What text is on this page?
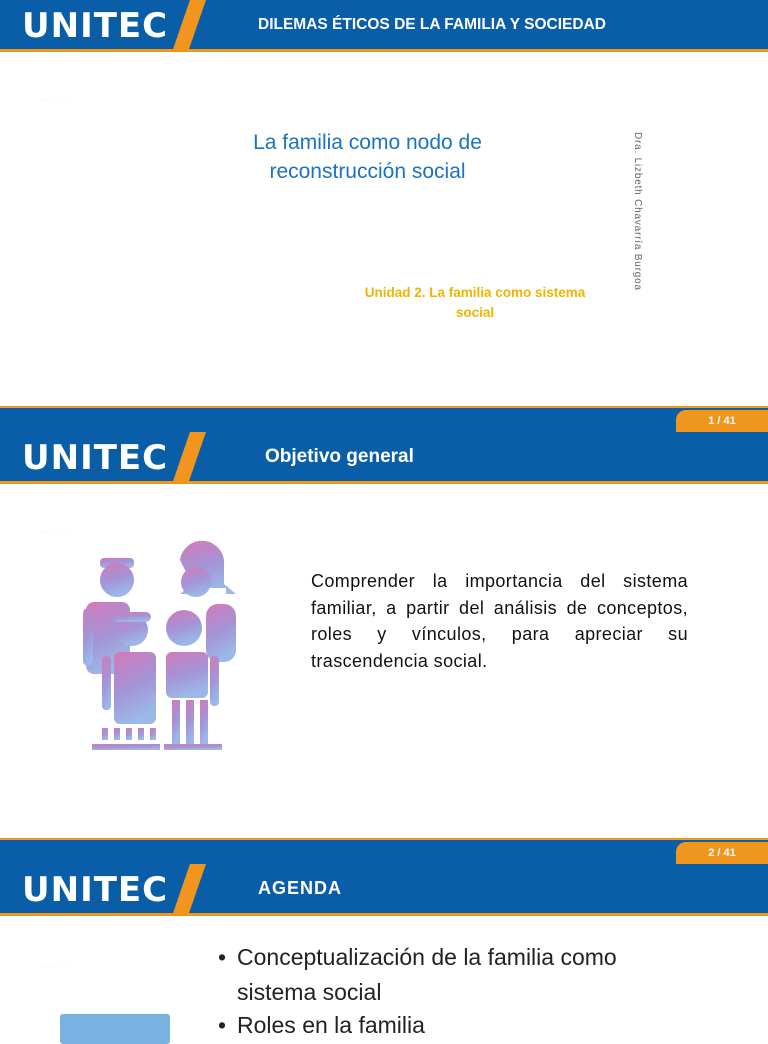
UNITEC	DILEMAS ÉTICOS DE LA FAMILIA Y SOCIEDAD
· · · · · ·
La familia como nodo de
reconstrucción social	Dra. Lizbeth Chavarría Burgoa
Unidad 2. La familia como sistema
social
1 / 41
UNITEC	Objetivo general
· · · · · ·
Comprender la importancia del sistema familiar, a partir del análisis de conceptos, roles y vínculos, para apreciar su trascendencia social.
2 / 41
UNITEC	AGENDA
· · · · · ·	• Conceptualización de la familia como
sistema social
• Roles en la familia
